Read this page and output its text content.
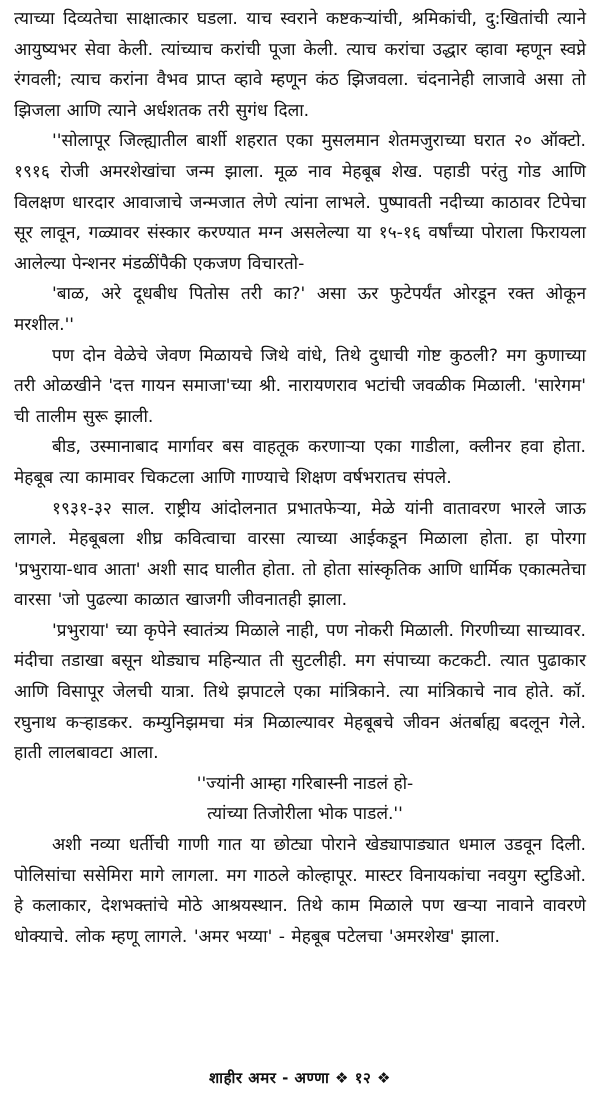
त्याच्या दिव्यतेचा साक्षात्कार घडला. याच स्वराने कष्टकऱ्यांची, श्रमिकांची, दु:खितांची त्याने आयुष्यभर सेवा केली. त्यांच्याच करांची पूजा केली. त्याच करांचा उद्धार व्हावा म्हणून स्वप्ने रंगवली; त्याच करांना वैभव प्राप्त व्हावे म्हणून कंठ झिजवला. चंदनानेही लाजावे असा तो झिजला आणि त्याने अर्धशतक तरी सुगंध दिला.

''सोलापूर जिल्ह्यातील बार्शी शहरात एका मुसलमान शेतमजुराच्या घरात २० ऑक्टो. १९१६ रोजी अमरशेखांचा जन्म झाला. मूळ नाव मेहबूब शेख. पहाडी परंतु गोड आणि विलक्षण धारदार आवाजाचे जन्मजात लेणे त्यांना लाभले. पुष्पावती नदीच्या काठावर टिपेचा सूर लावून, गळ्यावर संस्कार करण्यात मग्न असलेल्या या १५-१६ वर्षांच्या पोराला फिरायला आलेल्या पेन्शनर मंडळींपैकी एकजण विचारतो-

'बाळ, अरे दूधबीध पितोस तरी का?' असा ऊर फुटेपर्यंत ओरडून रक्त ओकून मरशील.''

पण दोन वेळेचे जेवण मिळायचे जिथे वांधे, तिथे दुधाची गोष्ट कुठली? मग कुणाच्या तरी ओळखीने 'दत्त गायन समाजा'च्या श्री. नारायणराव भटांची जवळीक मिळाली. 'सारेगम' ची तालीम सुरू झाली.

बीड, उस्मानाबाद मार्गावर बस वाहतूक करणाऱ्या एका गाडीला, क्लीनर हवा होता. मेहबूब त्या कामावर चिकटला आणि गाण्याचे शिक्षण वर्षभरातच संपले.

१९३१-३२ साल. राष्ट्रीय आंदोलनात प्रभातफेऱ्या, मेळे यांनी वातावरण भारले जाऊ लागले. मेहबूबला शीघ्र कवित्वाचा वारसा त्याच्या आईकडून मिळाला होता. हा पोरगा 'प्रभुराया-धाव आता' अशी साद घालीत होता. तो होता सांस्कृतिक आणि धार्मिक एकात्मतेचा वारसा 'जो पुढल्या काळात खाजगी जीवनातही झाला.

'प्रभुराया' च्या कृपेने स्वातंत्र्य मिळाले नाही, पण नोकरी मिळाली. गिरणीच्या साच्यावर. मंदीचा तडाखा बसून थोड्याच महिन्यात ती सुटलीही. मग संपाच्या कटकटी. त्यात पुढाकार आणि विसापूर जेलची यात्रा. तिथे झपाटले एका मांत्रिकाने. त्या मांत्रिकाचे नाव होते. कॉ. रघुनाथ कऱ्हाडकर. कम्युनिझमचा मंत्र मिळाल्यावर मेहबूबचे जीवन अंतर्बाह्य बदलून गेले. हाती लालबावटा आला.

''ज्यांनी आम्हा गरिबास्नी नाडलं हो-

त्यांच्या तिजोरीला भोक पाडलं.''

अशी नव्या धर्तीची गाणी गात या छोट्या पोराने खेड्यापाड्यात धमाल उडवून दिली. पोलिसांचा ससेमिरा मागे लागला. मग गाठले कोल्हापूर. मास्टर विनायकांचा नवयुग स्टुडिओ. हे कलाकार, देशभक्तांचे मोठे आश्रयस्थान. तिथे काम मिळाले पण खऱ्या नावाने वावरणे धोक्याचे. लोक म्हणू लागले. 'अमर भय्या' - मेहबूब पटेलचा 'अमरशेख' झाला.

शाहीर अमर - अण्णा ❖ १२ ❖
